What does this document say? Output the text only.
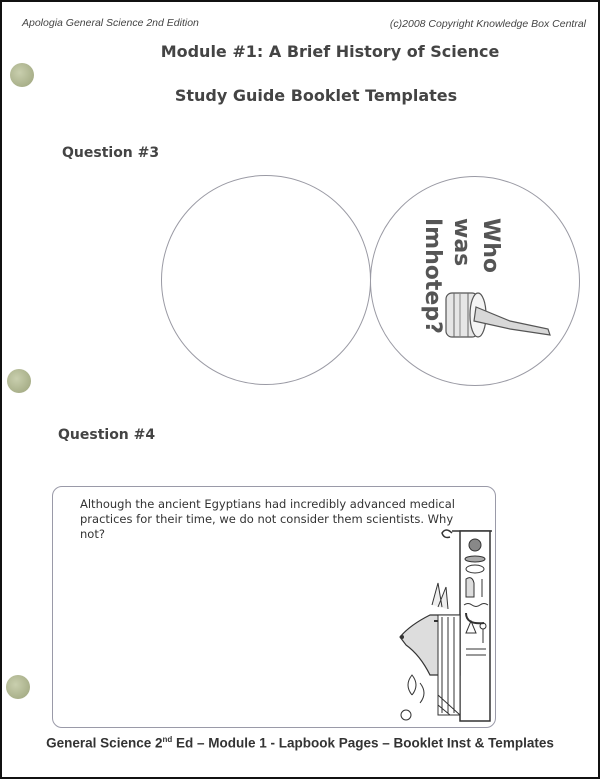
Apologia General Science 2nd Edition	(c)2008 Copyright Knowledge Box Central
Module #1: A Brief History of Science
Study Guide Booklet Templates
Question #3
Who
was
Imhotep?
Question #4
Although the ancient Egyptians had incredibly advanced medical
practices for their time, we do not consider them scientists. Why not?
General Science 2nd Ed – Module 1 - Lapbook Pages – Booklet Inst & Templates
